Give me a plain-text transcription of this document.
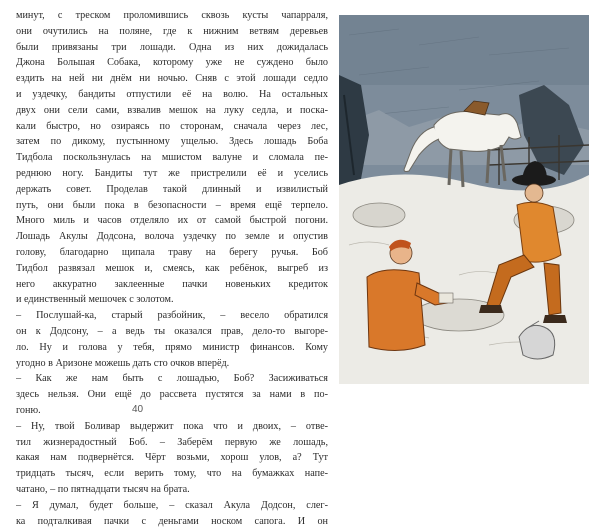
минут, с треском проломившись сквозь кусты чапарраля,
они очутились на поляне, где к нижним ветвям деревьев
были привязаны три лошади. Одна из них дожидалась
Джона Большая Собака, которому уже не суждено было
ездить на ней ни днём ни ночью. Сняв с этой лошади седло
и уздечку, бандиты отпустили её на волю. На остальных
двух они сели сами, взвалив мешок на луку седла, и поска-
кали быстро, но озираясь по сторонам, сначала через лес,
затем по дикому, пустынному ущелью. Здесь лошадь Боба
Тидбола поскользнулась на мшистом валуне и сломала пе-
реднюю ногу. Бандиты тут же пристрелили её и уселись
держать совет. Проделав такой длинный и извилистый
путь, они были пока в безопасности – время ещё терпело.
Много миль и часов отделяло их от самой быстрой погони.
Лошадь Акулы Додсона, волоча уздечку по земле и опустив
голову, благодарно щипала траву на берегу ручья. Боб
Тидбол развязал мешок и, смеясь, как ребёнок, выгреб из
него аккуратно заклеенные пачки новеньких кредиток
и единственный мешочек с золотом.
– Послушай-ка, старый разбойник, – весело обратился
он к Додсону, – а ведь ты оказался прав, дело-то выгоре-
ло. Ну и голова у тебя, прямо министр финансов. Кому
угодно в Аризоне можешь дать сто очков вперёд.
– Как же нам быть с лошадью, Боб? Засиживаться
здесь нельзя. Они ещё до рассвета пустятся за нами в по-
гоню.
– Ну, твой Боливар выдержит пока что и двоих, – отве-
тил жизнерадостный Боб. – Заберём первую же лошадь,
какая нам подвернётся. Чёрт возьми, хорош улов, а? Тут
тридцать тысяч, если верить тому, что на бумажках напе-
чатано, – по пятнадцати тысяч на брата.
– Я думал, будет больше, – сказал Акула Додсон, слег-
ка подталкивая пачки с деньгами носком сапога. И он
40
